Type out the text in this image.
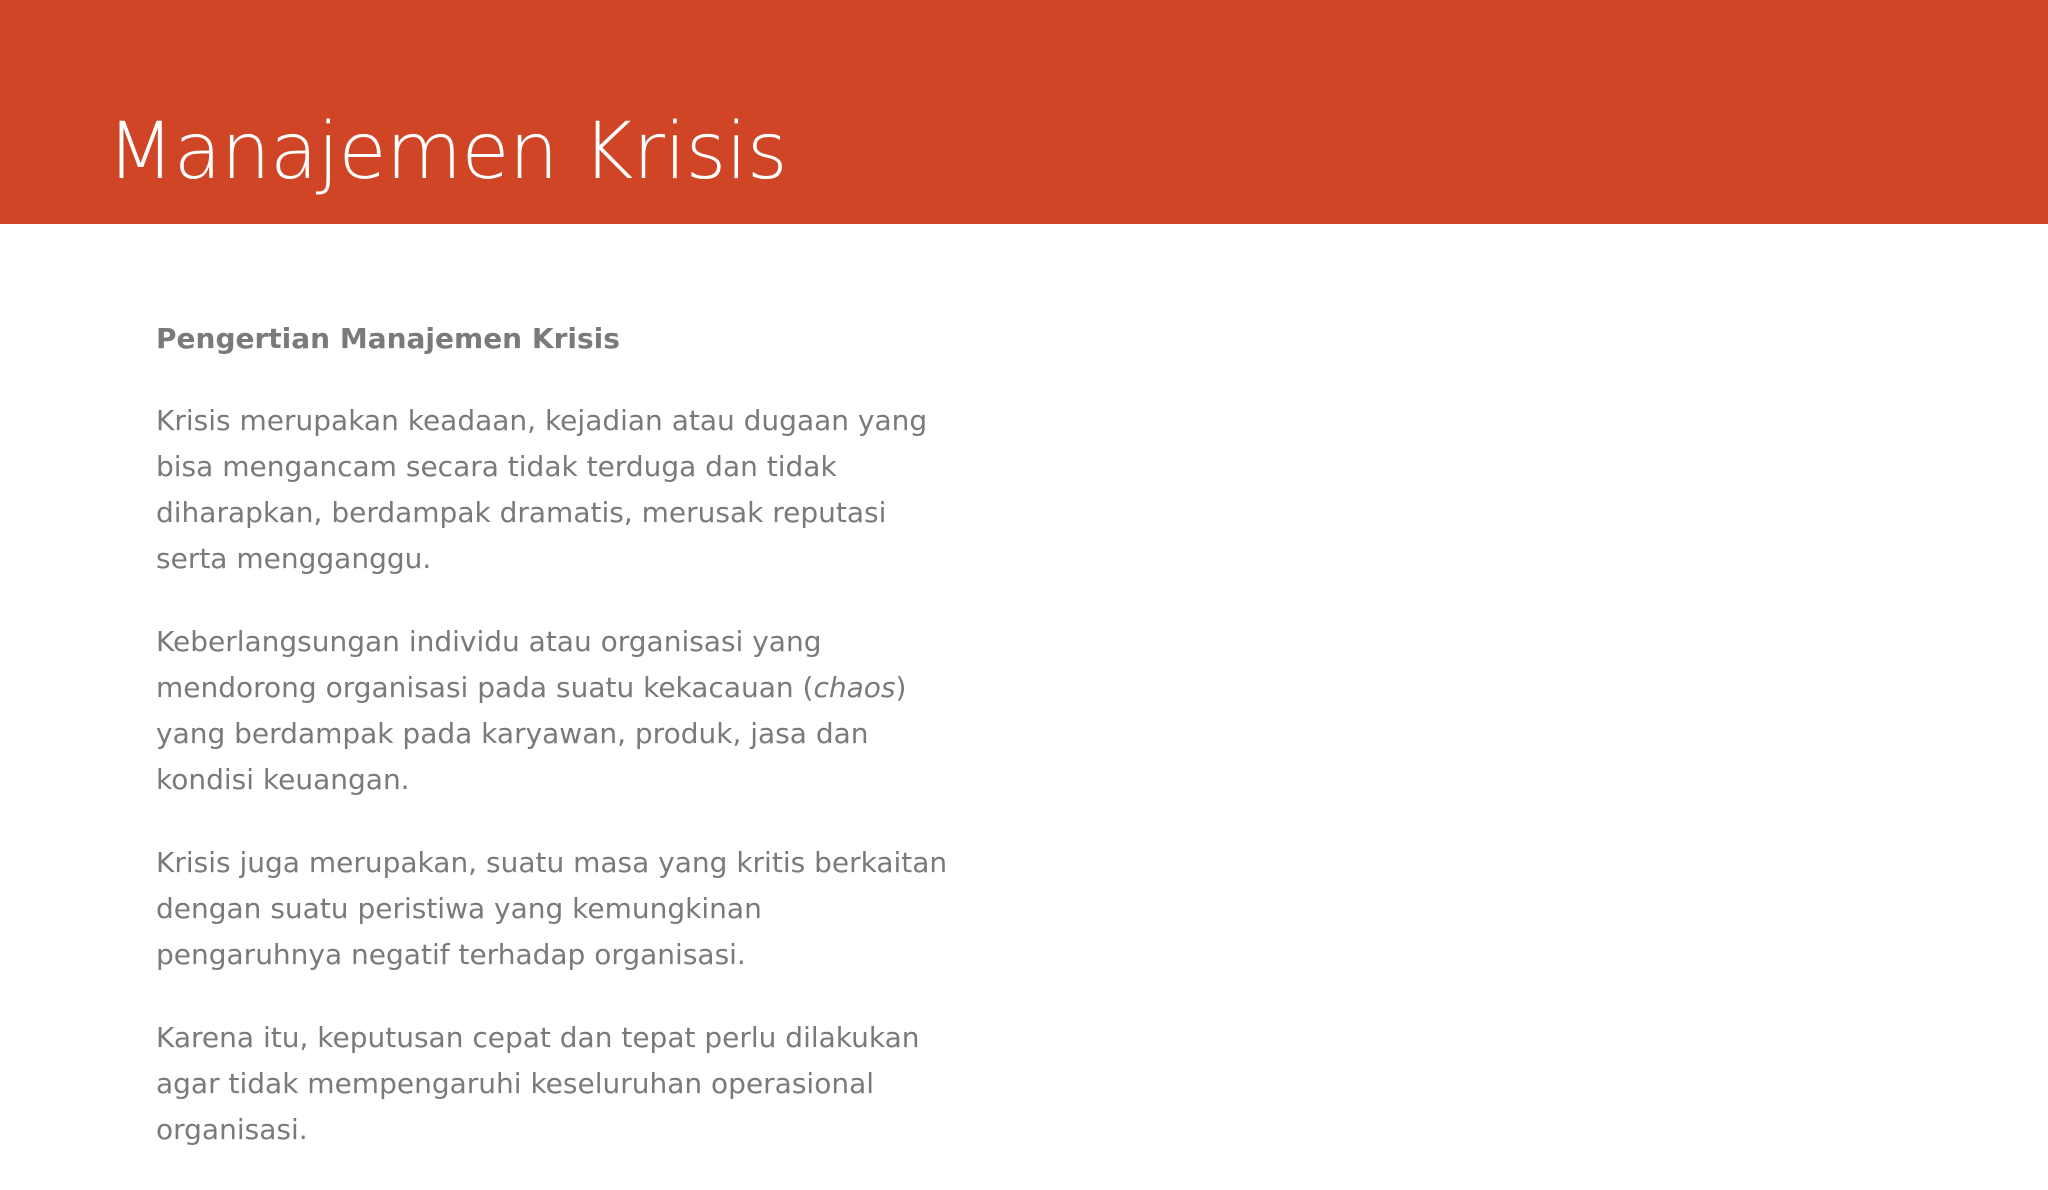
Manajemen Krisis

Pengertian Manajemen Krisis

Krisis merupakan keadaan, kejadian atau dugaan yang bisa mengancam secara tidak terduga dan tidak diharapkan, berdampak dramatis, merusak reputasi serta mengganggu.

Keberlangsungan individu atau organisasi yang mendorong organisasi pada suatu kekacauan (chaos) yang berdampak pada karyawan, produk, jasa dan kondisi keuangan.

Krisis juga merupakan, suatu masa yang kritis berkaitan dengan suatu peristiwa yang kemungkinan pengaruhnya negatif terhadap organisasi.

Karena itu, keputusan cepat dan tepat perlu dilakukan agar tidak mempengaruhi keseluruhan operasional organisasi.
